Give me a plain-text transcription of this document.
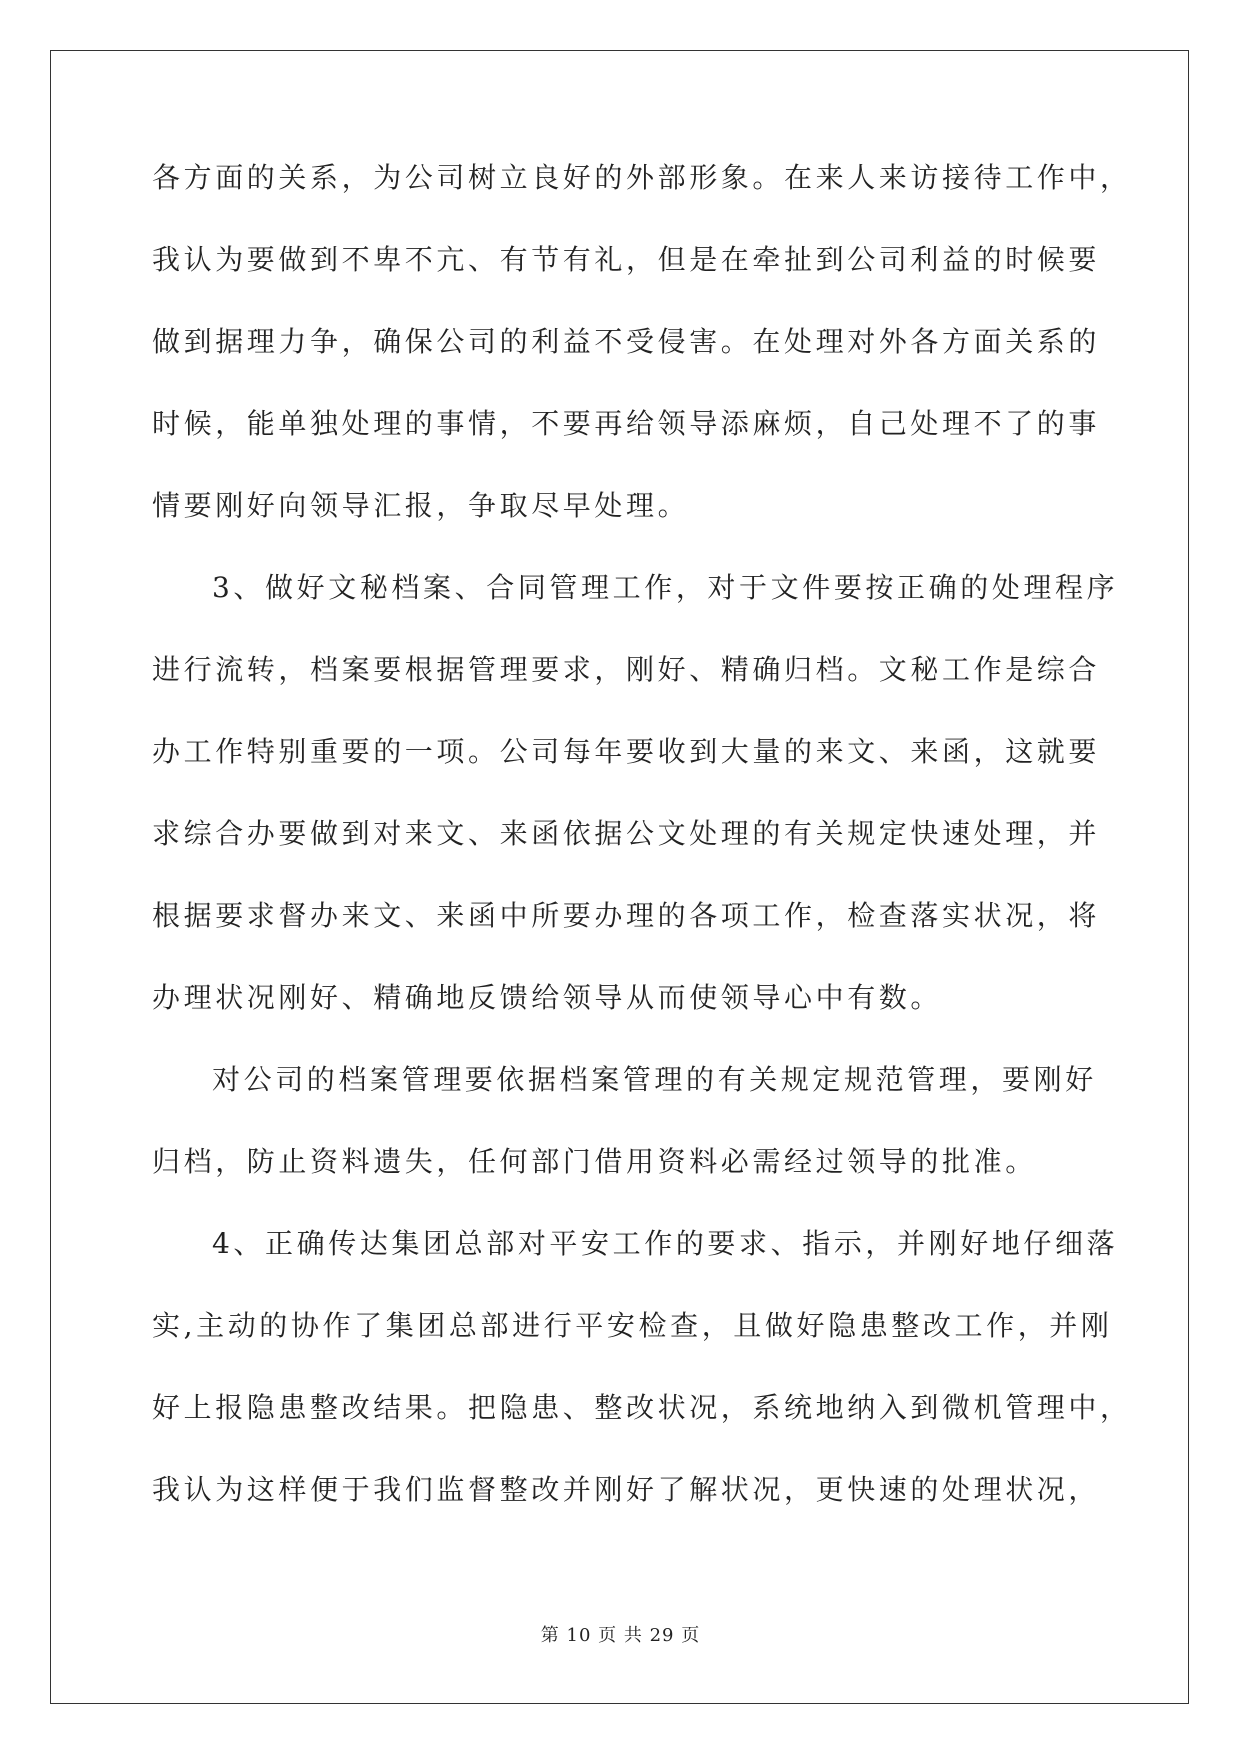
各方面的关系，为公司树立良好的外部形象。在来人来访接待工作中，
我认为要做到不卑不亢、有节有礼，但是在牵扯到公司利益的时候要
做到据理力争，确保公司的利益不受侵害。在处理对外各方面关系的
时候，能单独处理的事情，不要再给领导添麻烦，自己处理不了的事
情要刚好向领导汇报，争取尽早处理。
3、做好文秘档案、合同管理工作，对于文件要按正确的处理程序
进行流转，档案要根据管理要求，刚好、精确归档。文秘工作是综合
办工作特别重要的一项。公司每年要收到大量的来文、来函，这就要
求综合办要做到对来文、来函依据公文处理的有关规定快速处理，并
根据要求督办来文、来函中所要办理的各项工作，检查落实状况，将
办理状况刚好、精确地反馈给领导从而使领导心中有数。
对公司的档案管理要依据档案管理的有关规定规范管理，要刚好
归档，防止资料遗失，任何部门借用资料必需经过领导的批准。
4、正确传达集团总部对平安工作的要求、指示，并刚好地仔细落
实,主动的协作了集团总部进行平安检查，且做好隐患整改工作，并刚
好上报隐患整改结果。把隐患、整改状况，系统地纳入到微机管理中，
我认为这样便于我们监督整改并刚好了解状况，更快速的处理状况，
第 10 页 共 29 页
